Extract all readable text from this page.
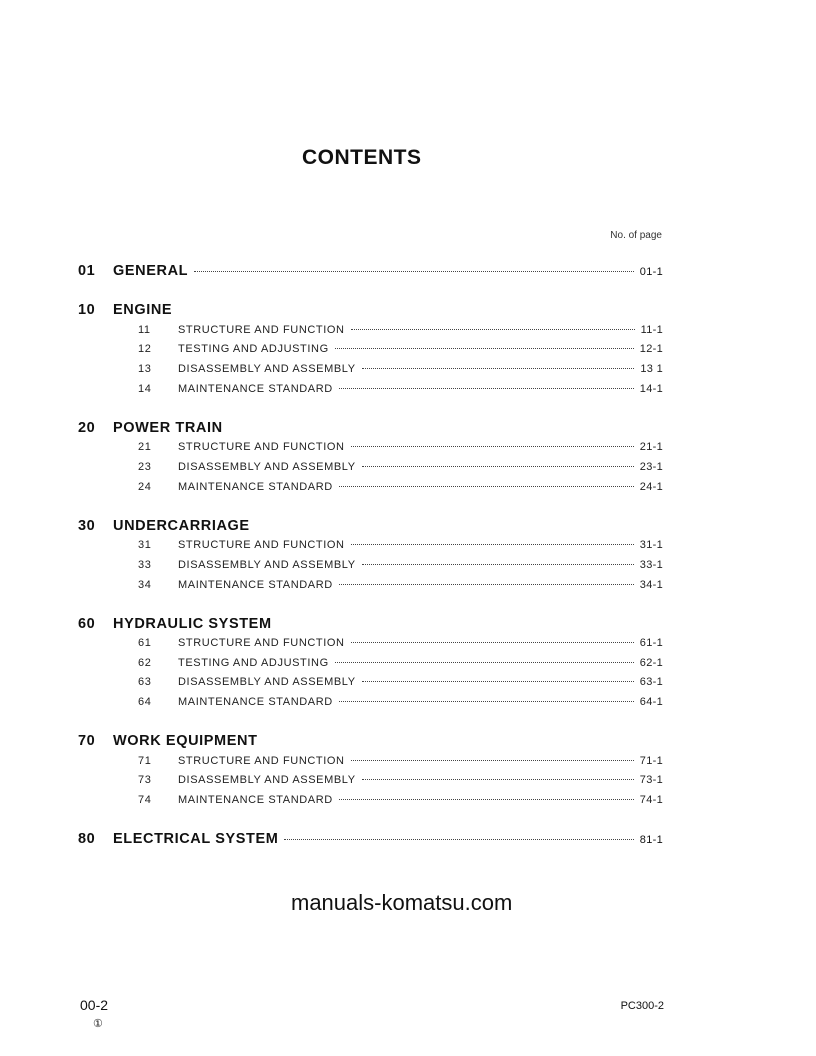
CONTENTS
No. of page
01	GENERAL	01-1
10	ENGINE
11	STRUCTURE AND FUNCTION	11-1
12	TESTING AND ADJUSTING	12-1
13	DISASSEMBLY AND ASSEMBLY	13 1
14	MAINTENANCE STANDARD	14-1
20	POWER TRAIN
21	STRUCTURE AND FUNCTION	21-1
23	DISASSEMBLY AND ASSEMBLY	23-1
24	MAINTENANCE STANDARD	24-1
30	UNDERCARRIAGE
31	STRUCTURE AND FUNCTION	31-1
33	DISASSEMBLY AND ASSEMBLY	33-1
34	MAINTENANCE STANDARD	34-1
60	HYDRAULIC SYSTEM
61	STRUCTURE AND FUNCTION	61-1
62	TESTING AND ADJUSTING	62-1
63	DISASSEMBLY AND ASSEMBLY	63-1
64	MAINTENANCE STANDARD	64-1
70	WORK EQUIPMENT
71	STRUCTURE AND FUNCTION	71-1
73	DISASSEMBLY AND ASSEMBLY	73-1
74	MAINTENANCE STANDARD	74-1
80	ELECTRICAL SYSTEM	81-1
manuals-komatsu.com
00-2
①
PC300-2
